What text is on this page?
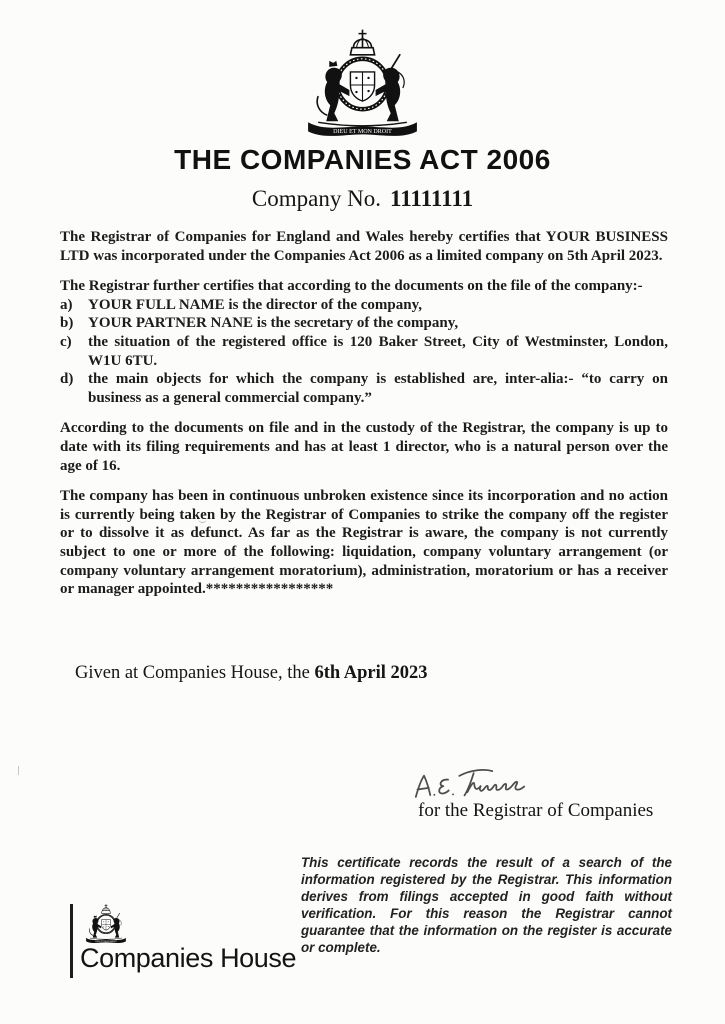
THE COMPANIES ACT 2006
Company No. 11111111

The Registrar of Companies for England and Wales hereby certifies that YOUR BUSINESS LTD was incorporated under the Companies Act 2006 as a limited company on 5th April 2023.

The Registrar further certifies that according to the documents on the file of the company:-

a)	YOUR FULL NAME is the director of the company,
b) YOUR PARTNER NANE is the secretary of the company,
c)	the situation of the registered office is 120 Baker Street, City of Westminster, London, W1U 6TU.
d) the main objects for which the company is established are, inter-alia:- “to carry on business as a general commercial company.”

According to the documents on file and in the custody of the Registrar, the company is up to date with its filing requirements and has at least 1 director, who is a natural person over the age of 16.

The company has been in continuous unbroken existence since its incorporation and no action is currently being taken by the Registrar of Companies to strike the company off the register or to dissolve it as defunct. As far as the Registrar is aware, the company is not currently subject to one or more of the following: liquidation, company voluntary arrangement (or company voluntary arrangement moratorium), administration, moratorium or has a receiver or manager appointed.*****************

Given at Companies House, the 6th April 2023
for the Registrar of Companies
This certificate records the result of a search of the information registered by the Registrar. This information derives from filings accepted in good faith without verification. For this reason the Registrar cannot guarantee that the information on the register is accurate or complete.
Companies House
